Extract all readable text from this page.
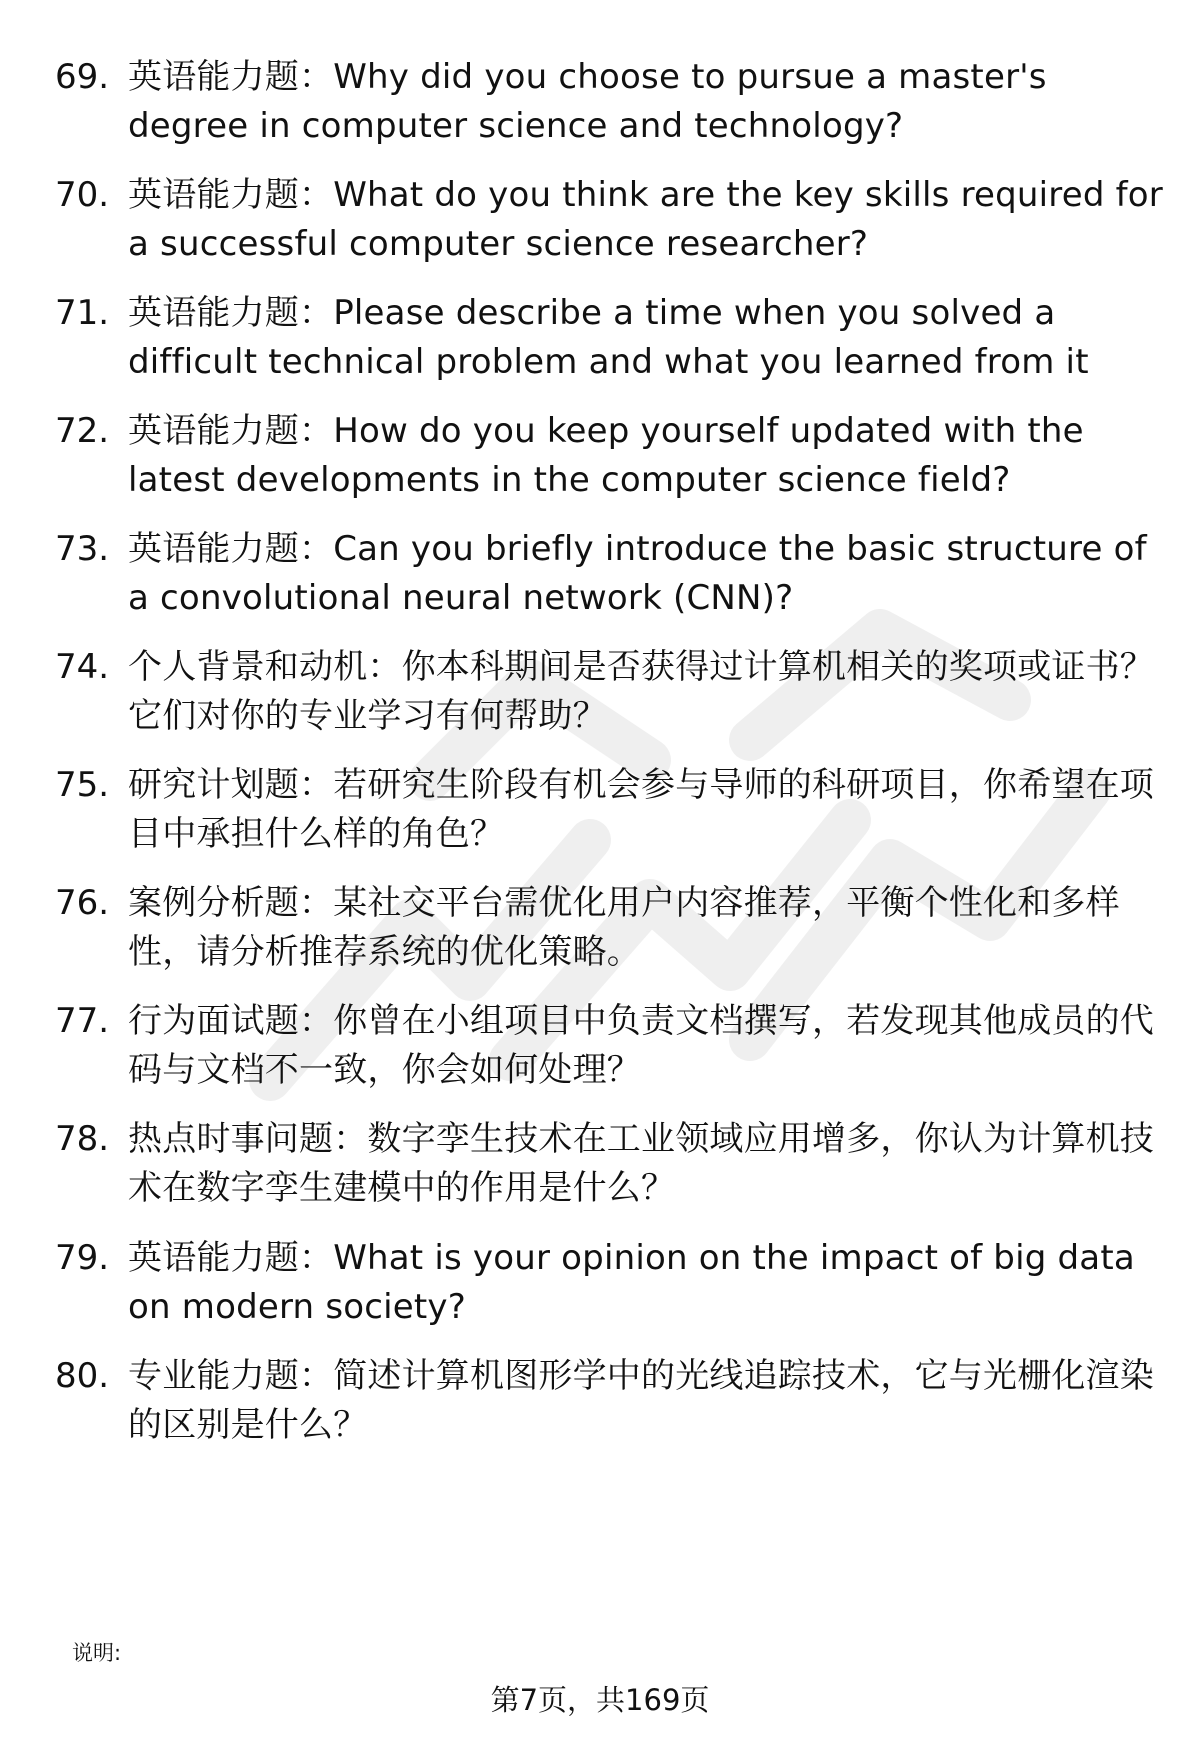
69. 英语能力题：Why did you choose to pursue a master's degree in computer science and technology?
70. 英语能力题：What do you think are the key skills required for a successful computer science researcher?
71. 英语能力题：Please describe a time when you solved a difficult technical problem and what you learned from it
72. 英语能力题：How do you keep yourself updated with the latest developments in the computer science field?
73. 英语能力题：Can you briefly introduce the basic structure of a convolutional neural network (CNN)?
74. 个人背景和动机：你本科期间是否获得过计算机相关的奖项或证书？它们对你的专业学习有何帮助？
75. 研究计划题：若研究生阶段有机会参与导师的科研项目，你希望在项目中承担什么样的角色？
76. 案例分析题：某社交平台需优化用户内容推荐，平衡个性化和多样性，请分析推荐系统的优化策略。
77. 行为面试题：你曾在小组项目中负责文档撰写，若发现其他成员的代码与文档不一致，你会如何处理？
78. 热点时事问题：数字孪生技术在工业领域应用增多，你认为计算机技术在数字孪生建模中的作用是什么？
79. 英语能力题：What is your opinion on the impact of big data on modern society?
80. 专业能力题：简述计算机图形学中的光线追踪技术，它与光栅化渲染的区别是什么？
说明:
第7页，共169页
